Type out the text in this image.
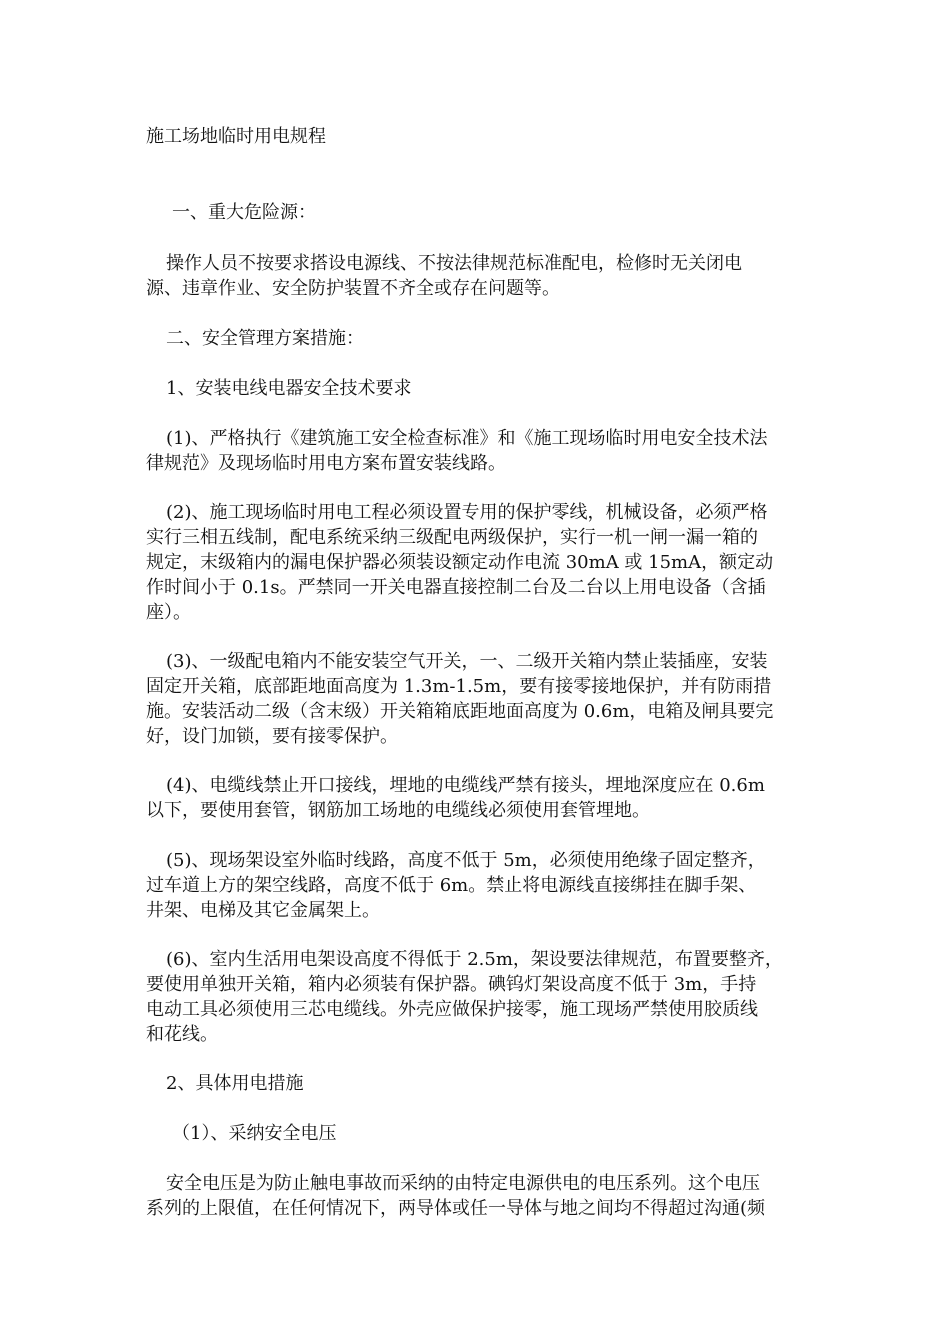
施工场地临时用电规程
一、重大危险源：
操作人员不按要求搭设电源线、不按法律规范标准配电，检修时无关闭电
源、违章作业、安全防护装置不齐全或存在问题等。
二、安全管理方案措施：
1、安装电线电器安全技术要求
(1)、严格执行《建筑施工安全检查标准》和《施工现场临时用电安全技术法
律规范》及现场临时用电方案布置安装线路。
(2)、施工现场临时用电工程必须设置专用的保护零线，机械设备，必须严格
实行三相五线制，配电系统采纳三级配电两级保护，实行一机一闸一漏一箱的
规定，末级箱内的漏电保护器必须装设额定动作电流 30mA 或 15mA，额定动
作时间小于 0.1s。严禁同一开关电器直接控制二台及二台以上用电设备（含插
座）。
(3)、一级配电箱内不能安装空气开关，一、二级开关箱内禁止装插座，安装
固定开关箱，底部距地面高度为 1.3m-1.5m，要有接零接地保护，并有防雨措
施。安装活动二级（含末级）开关箱箱底距地面高度为 0.6m，电箱及闸具要完
好，设门加锁，要有接零保护。
(4)、电缆线禁止开口接线，埋地的电缆线严禁有接头，埋地深度应在 0.6m
以下，要使用套管，钢筋加工场地的电缆线必须使用套管埋地。
(5)、现场架设室外临时线路，高度不低于 5m，必须使用绝缘子固定整齐，
过车道上方的架空线路，高度不低于 6m。禁止将电源线直接绑挂在脚手架、
井架、电梯及其它金属架上。
(6)、室内生活用电架设高度不得低于 2.5m，架设要法律规范，布置要整齐，
要使用单独开关箱，箱内必须装有保护器。碘钨灯架设高度不低于 3m，手持
电动工具必须使用三芯电缆线。外壳应做保护接零，施工现场严禁使用胶质线
和花线。
2、具体用电措施
（1）、采纳安全电压
安全电压是为防止触电事故而采纳的由特定电源供电的电压系列。这个电压
系列的上限值，在任何情况下，两导体或任一导体与地之间均不得超过沟通(频
